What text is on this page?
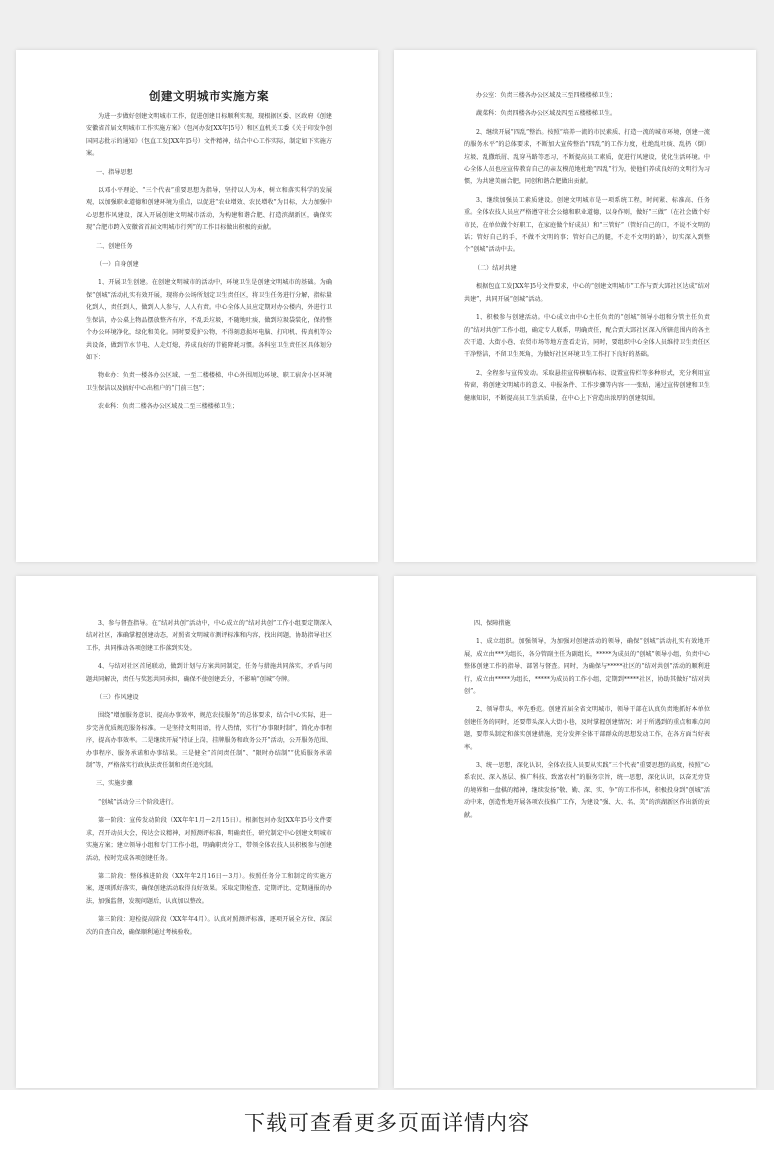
创建文明城市实施方案

为进一步做好创建文明城市工作，促进创建目标顺利实现，现根据区委、区政府《创建安徽省首届文明城市工作实施方案》（包河办发[XX年]5号）和区直机关工委《关于印发争创国同志批示的通知》（包直工发[XX年]5号）文件精神，结合中心工作实际，制定如下实施方案。

一、指导思想

以邓小平理论、“三个代表”重要思想为指导，坚持以人为本，树立和落实科学的发展观，以加强职业道德和创建环境为重点，以促进“农业增效、农民增收”为目标，大力加强中心思想作风建设，深入开展创建文明城市活动，为构建和谐合肥、打造滨湖新区，确保实现“合肥市跨入安徽省首届文明城市行列”的工作目标做出积极的贡献。

二、创建任务

（一）自身创建

1、开展卫生创建。在创建文明城市的活动中，环境卫生是创建文明城市的基础。为确保“创城”活动扎实有效开展，现将办公场所划定卫生责任区，将卫生任务进行分解，指标量化到人，责任到人，做到人人参与，人人有责。中心全体人员应定期对办公楼内，外进行卫生保洁，办公桌上物品摆放整齐有序，不乱丢垃圾，不随地吐痰，做到垃圾袋装化，保持整个办公环境净化，绿化和美化。同时要爱护公物，不得刻意损坏电脑、打印机、传真机等公共设备，做到节水节电、人走灯熄，养成良好的节能降耗习惯。各科室卫生责任区具体划分如下：

物业办：负责一楼各办公区域、一至二楼楼梯、中心外围周边环境、职工宿舍小区环境卫生保洁以及搞好中心出租户的“门前三包”；

农业科：负责二楼各办公区域及二至三楼楼梯卫生；

办公室：负责三楼各办公区域及三至四楼楼梯卫生；

蔬菜科：负责四楼各办公区域及四至五楼楼梯卫生。

2、继续开展“四乱”整治。按照“培养一流的市民素质、打造一流的城市环境，创建一流的服务水平”的总体要求，不断加大宣传整治“四乱”的工作力度，杜绝乱吐痰、乱扔（倒）垃圾、乱撒纸屑、乱穿马路等恶习，不断提高员工素质，促进行风建设，优化生活环境。中心全体人员也应宣传教育自己的亲友模范地杜绝“四乱”行为，使他们养成良好的文明行为习惯，为共建美丽合肥，同创和谐合肥做出贡献。

3、继续加强员工素质建设。创建文明城市是一项系统工程，时间紧、标准高、任务重。全体农技人员应严格遵守社会公德和职业道德，以身作则，做好“三做”（在社会做个好市民，在单位做个好职工，在家庭做个好成员）和“三管好”（管好自己的口，不说不文明的话；管好自己的手，不做不文明的事；管好自己的腿，不走不文明的路），切实深入到整个“创城”活动中去。

（二）结对共建

根据包直工发[XX年]5号文件要求，中心的“创建文明城市”工作与贾大郢社区达成“结对共建”，共同开展“创城”活动。

1、积极参与创建活动。中心成立由中心主任负责的“创城”领导小组和分管主任负责的“结对共创”工作小组，确定专人联系，明确责任，配合贾大郢社区深入所辖范围内的各主次干道、大街小巷、农贸市场等地方查看走访，同时，要组织中心全体人员维持卫生责任区干净整洁，不留卫生死角，为做好社区环境卫生工作打下良好的基础。

2、全程参与宣传发动。采取悬挂宣传横幅布标、设置宣传栏等多种形式，充分利用宣传窗，将创建文明城市的意义、申报条件、工作步骤等内容一一张贴，通过宣传创建和卫生健康知识，不断提高员工生活质量，在中心上下营造出浓厚的创建氛围。

3、参与督查指导。在“结对共创”活动中，中心成立的“结对共创”工作小组要定期深入结对社区，准确掌握创建动态，对照省文明城市测评标准和内容，找出问题，协助指导社区工作，共同推动各项创建工作落到实处。

4、与结对社区首尾联动，做到计划与方案共同制定，任务与措施共同落实，矛盾与问题共同解决，责任与奖惩共同承担，确保不使创建丢分，不影响“创城”夺牌。

（三）作风建设

围绕“增加服务意识、提高办事效率，规范农技服务”的总体要求，结合中心实际，进一步完善优质规范服务标准。一是坚持文明用语，待人热情，实行“办事限时制”，简化办事程序，提高办事效率。二是继续开展“持证上岗，挂牌服务和政务公开”活动，公开服务范围、办事程序、服务承诺和办事结果。三是健全“首问责任制”、“限时办结制”“优质服务承诺制”等，严格落实行政执法责任制和责任追究制。

三、实施步骤

“创城”活动分三个阶段进行。

第一阶段：宣传发动阶段（XX年年1月～2月15日）。根据包河办发[XX年]5号文件要求，召开动员大会，传达会议精神，对照测评标准，明确责任，研究制定中心创建文明城市实施方案；建立领导小组和专门工作小组，明确职责分工，带领全体农技人员积极参与创建活动，按时完成各项创建任务。

第二阶段：整体推进阶段（XX年年2月16日～3月）。按照任务分工和制定的实施方案，逐项抓好落实，确保创建活动取得良好效果。采取定期检查、定期评比、定期通报的办法，加强监督，发现问题后，认真加以整改。

第三阶段：迎检提高阶段（XX年年4月）。认真对照测评标准，逐项开展全方位、深层次的自查自改，确保顺利通过考核验收。

四、保障措施

1、成立组织。加强领导，为加强对创建活动的领导，确保“创城”活动扎实有效地开展，成立由***为组长，各分管副主任为副组长，*****为成员的“创城”领导小组，负责中心整体创建工作的指导、部署与督查。同时，为确保与*****社区的“结对共创”活动的顺利进行，成立由*****为组长，*****为成员的工作小组，定期到*****社区，协助其做好“结对共创”。

2、领导带头，率先垂范。创建首届全省文明城市，领导干部在认真负责地抓好本单位创建任务的同时，还要带头深入大街小巷，及时掌握创建情况；对于所遇到的重点和难点问题，要带头制定和落实创建措施，充分发挥全体干部群众的思想发动工作，在各方面当好表率。

3、统一思想，深化认识，全体农技人员要从实践“三个代表”重要思想的高度，按照“心系农民、深入基层、推广科技、致富农村”的服务宗旨，统一思想，深化认识，以奋无旁贷的境界和一盘棋的精神，继续发扬“敬、勤、深、实、争”的工作作风，积极投身到“创城”活动中来，创造性地开展各项农技推广工作，为建设“强、大、名、美”的滨湖新区作出新的贡献。

下载可查看更多页面详情内容
